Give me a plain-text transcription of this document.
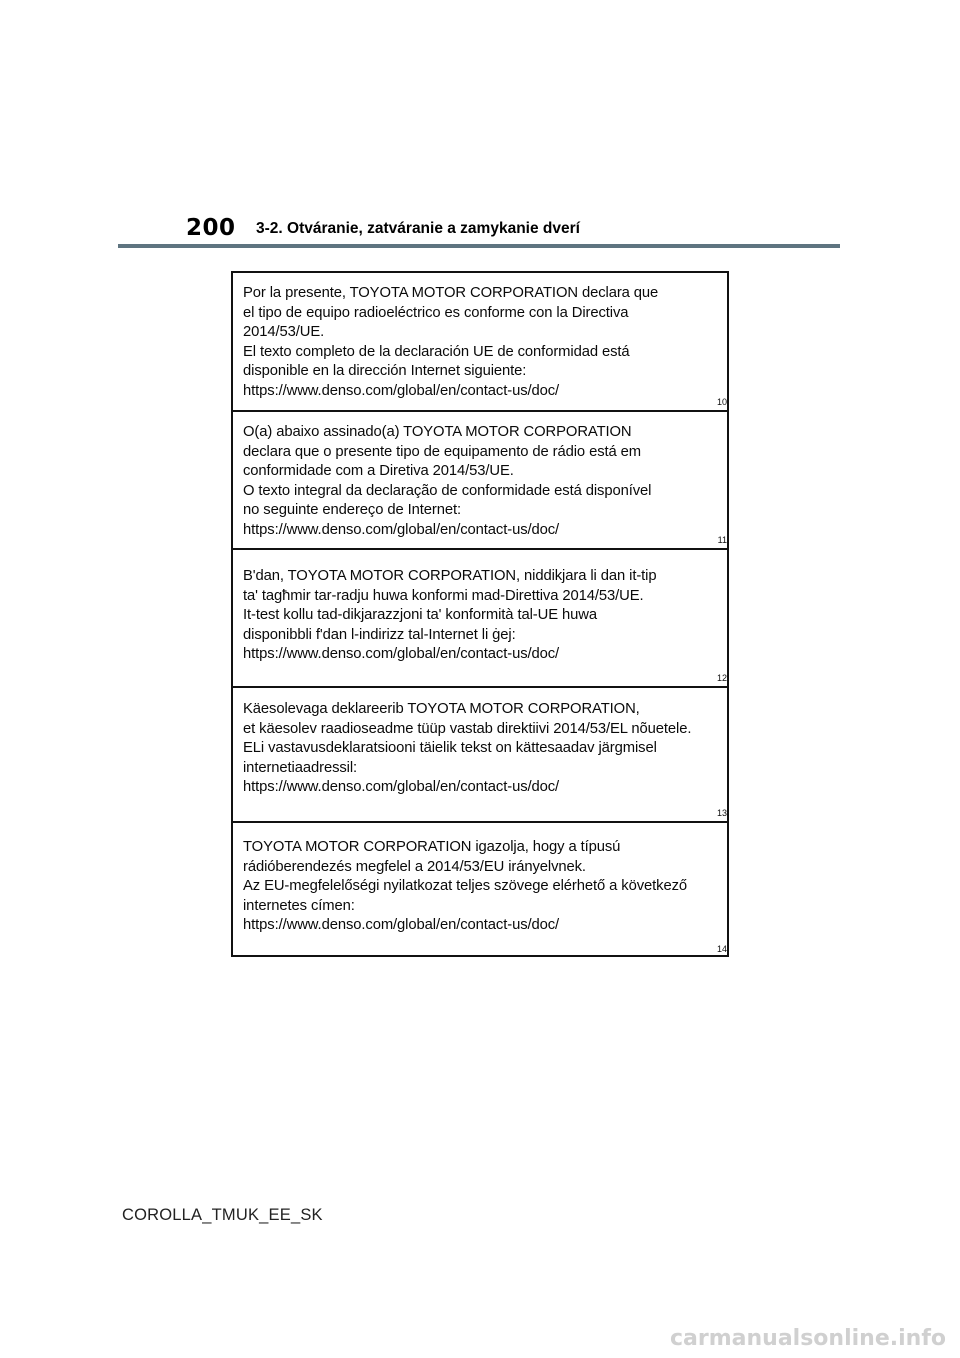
200 3-2. Otváranie, zatváranie a zamykanie dverí

Por la presente, TOYOTA MOTOR CORPORATION declara que
el tipo de equipo radioeléctrico es conforme con la Directiva
2014/53/UE.
El texto completo de la declaración UE de conformidad está
disponible en la dirección Internet siguiente:
https://www.denso.com/global/en/contact-us/doc/

10

O(a) abaixo assinado(a) TOYOTA MOTOR CORPORATION
declara que o presente tipo de equipamento de rádio está em
conformidade com a Diretiva 2014/53/UE.
O texto integral da declaração de conformidade está disponível
no seguinte endereço de Internet:
https://www.denso.com/global/en/contact-us/doc/

11

B'dan, TOYOTA MOTOR CORPORATION, niddikjara li dan it-tip
ta' tagħmir tar-radju huwa konformi mad-Direttiva 2014/53/UE.
It-test kollu tad-dikjarazzjoni ta' konformità tal-UE huwa
disponibbli f'dan l-indirizz tal-Internet li ġej:
https://www.denso.com/global/en/contact-us/doc/

12

Käesolevaga deklareerib TOYOTA MOTOR CORPORATION,
et käesolev raadioseadme tüüp vastab direktiivi 2014/53/EL nõuetele.
ELi vastavusdeklaratsiooni täielik tekst on kättesaadav järgmisel
internetiaadressil:
https://www.denso.com/global/en/contact-us/doc/

13

TOYOTA MOTOR CORPORATION igazolja, hogy a típusú
rádióberendezés megfelel a 2014/53/EU irányelvnek.
Az EU-megfelelőségi nyilatkozat teljes szövege elérhető a következő
internetes címen:
https://www.denso.com/global/en/contact-us/doc/

14
COROLLA_TMUK_EE_SK
carmanualsonline.info
